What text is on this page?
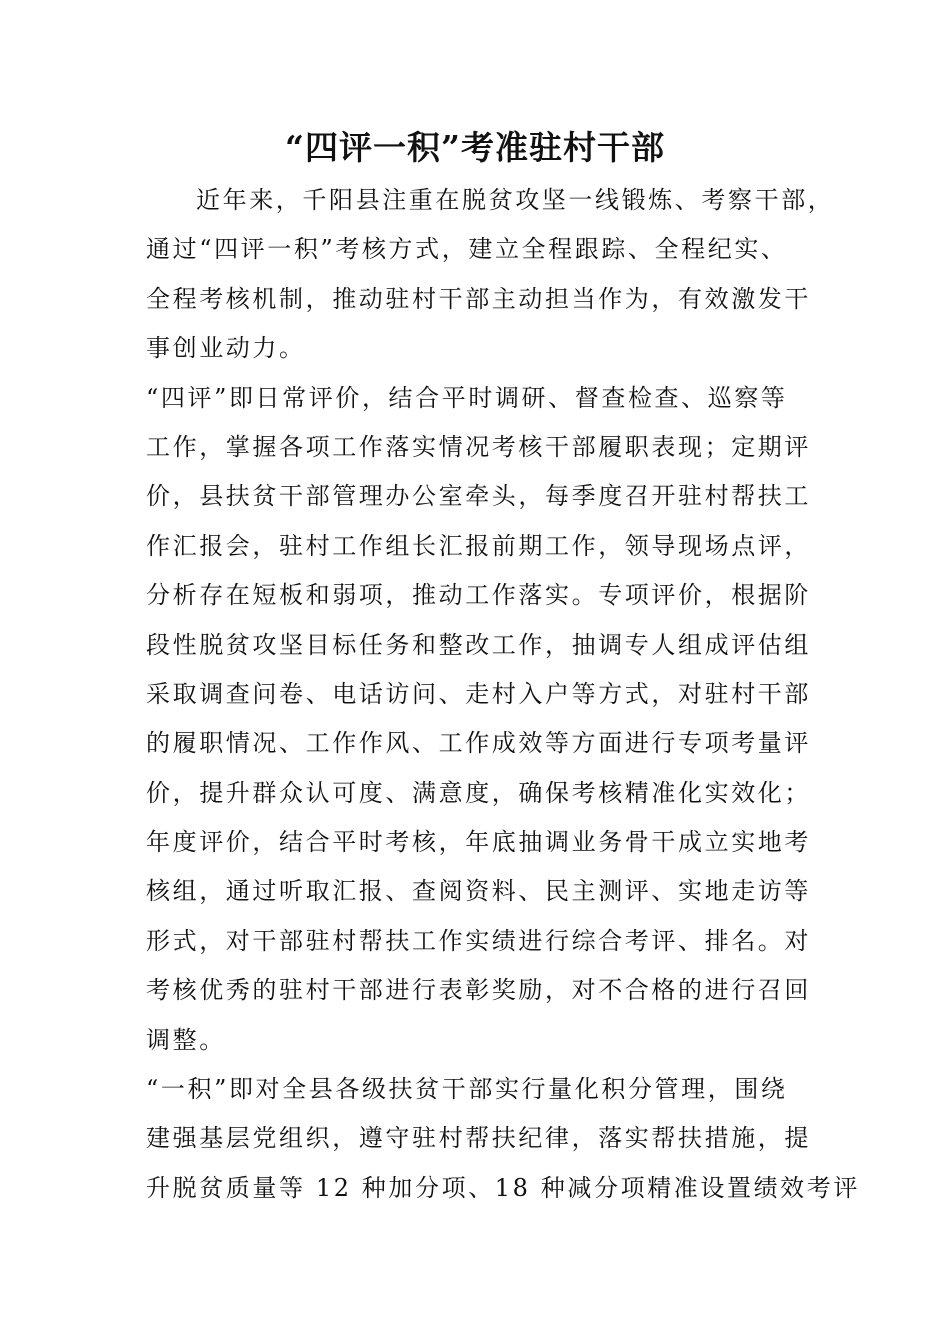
“四评一积”考准驻村干部
近年来，千阳县注重在脱贫攻坚一线锻炼、考察干部，
通过“四评一积”考核方式，建立全程跟踪、全程纪实、
全程考核机制，推动驻村干部主动担当作为，有效激发干
事创业动力。
“四评”即日常评价，结合平时调研、督查检查、巡察等
工作，掌握各项工作落实情况考核干部履职表现；定期评
价，县扶贫干部管理办公室牵头，每季度召开驻村帮扶工
作汇报会，驻村工作组长汇报前期工作，领导现场点评，
分析存在短板和弱项，推动工作落实。专项评价，根据阶
段性脱贫攻坚目标任务和整改工作，抽调专人组成评估组
采取调查问卷、电话访问、走村入户等方式，对驻村干部
的履职情况、工作作风、工作成效等方面进行专项考量评
价，提升群众认可度、满意度，确保考核精准化实效化；
年度评价，结合平时考核，年底抽调业务骨干成立实地考
核组，通过听取汇报、查阅资料、民主测评、实地走访等
形式，对干部驻村帮扶工作实绩进行综合考评、排名。对
考核优秀的驻村干部进行表彰奖励，对不合格的进行召回
调整。
“一积”即对全县各级扶贫干部实行量化积分管理，围绕
建强基层党组织，遵守驻村帮扶纪律，落实帮扶措施，提
升脱贫质量等 12 种加分项、18 种减分项精准设置绩效考评
